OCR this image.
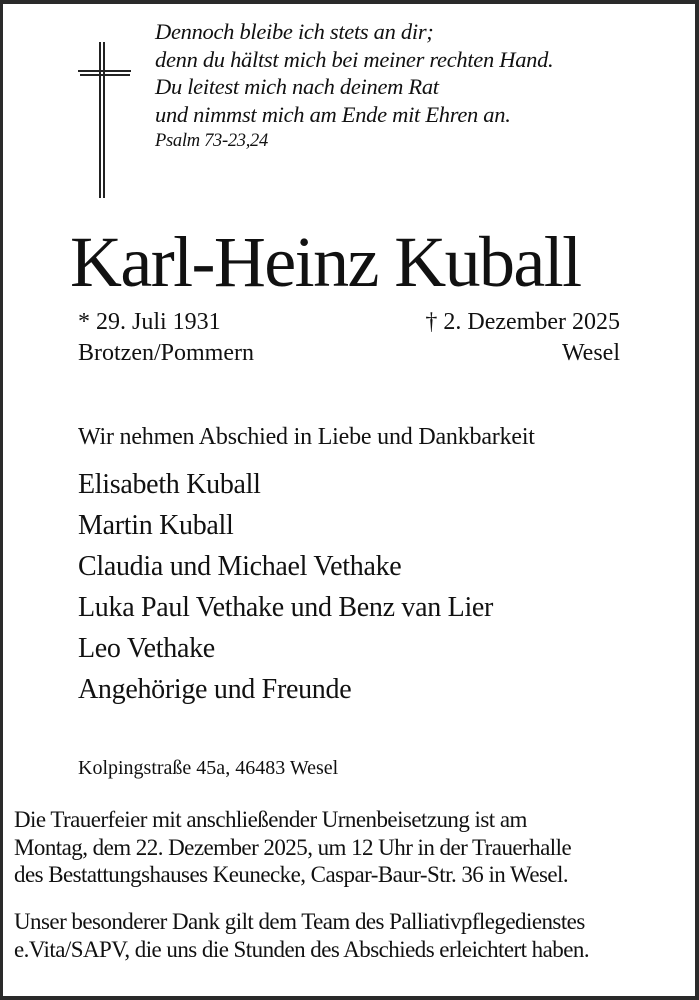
Dennoch bleibe ich stets an dir;
denn du hältst mich bei meiner rechten Hand.
Du leitest mich nach deinem Rat
und nimmst mich am Ende mit Ehren an.
Psalm 73-23,24
Karl-Heinz Kuball
* 29. Juli 1931
Brotzen/Pommern
† 2. Dezember 2025
Wesel
Wir nehmen Abschied in Liebe und Dankbarkeit
Elisabeth Kuball
Martin Kuball
Claudia und Michael Vethake
Luka Paul Vethake und Benz van Lier
Leo Vethake
Angehörige und Freunde
Kolpingstraße 45a, 46483 Wesel
Die Trauerfeier mit anschließender Urnenbeisetzung ist am
Montag, dem 22. Dezember 2025, um 12 Uhr in der Trauerhalle
des Bestattungshauses Keunecke, Caspar-Baur-Str. 36 in Wesel.
Unser besonderer Dank gilt dem Team des Palliativpflegedienstes
e.Vita/SAPV, die uns die Stunden des Abschieds erleichtert haben.
